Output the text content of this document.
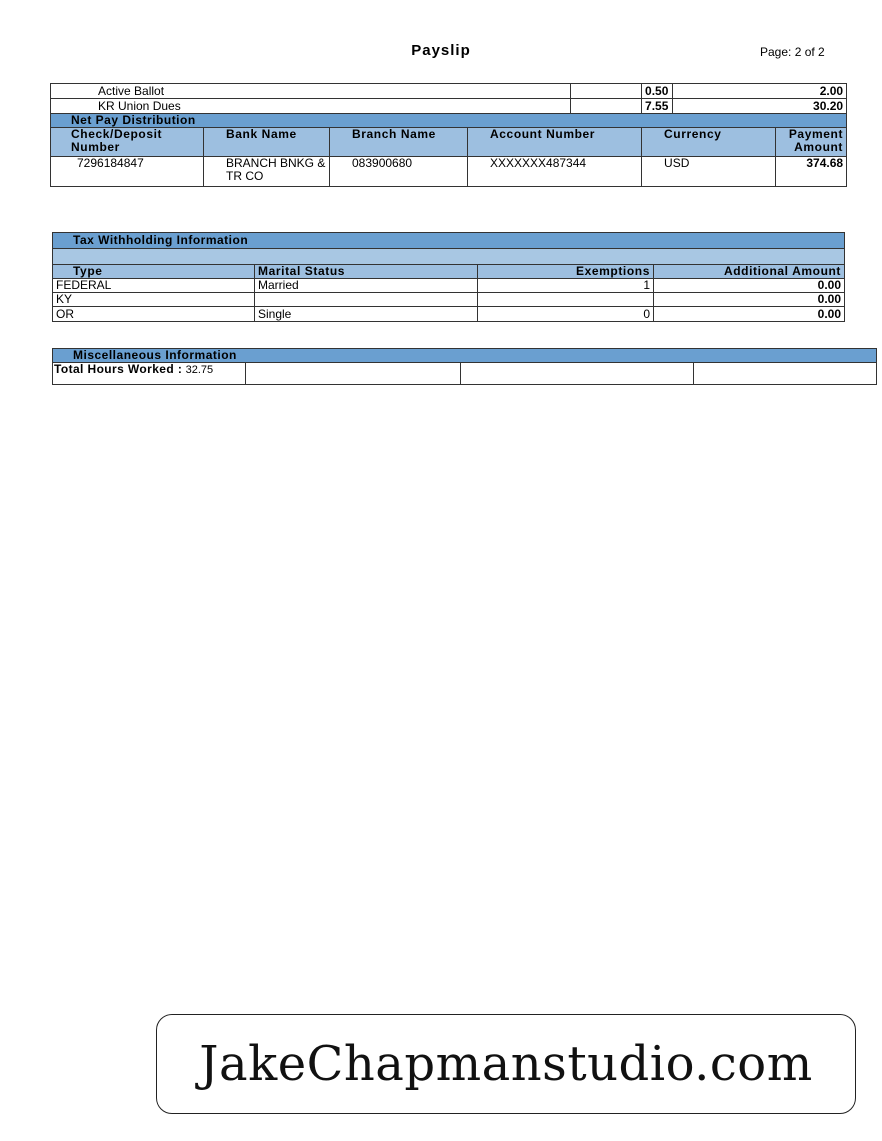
Payslip	Page: 2 of 2
Active Ballot					0.50	2.00	
KR Union Dues					7.55	30.20	
Net Pay Distribution							
Check/Deposit Number	Bank Name	Branch Name	Account Number		Currency		Payment Amount
7296184847	BRANCH BNKG & TR CO	083900680	XXXXXXX487344		USD		374.68
Tax Withholding Information			

Type	Marital Status	Exemptions	Additional Amount
FEDERAL	Married	1	0.00
KY			0.00
OR	Single	0	0.00
Miscellaneous Information
Total Hours Worked : 32.75			
JakeChapmanstudio.com
